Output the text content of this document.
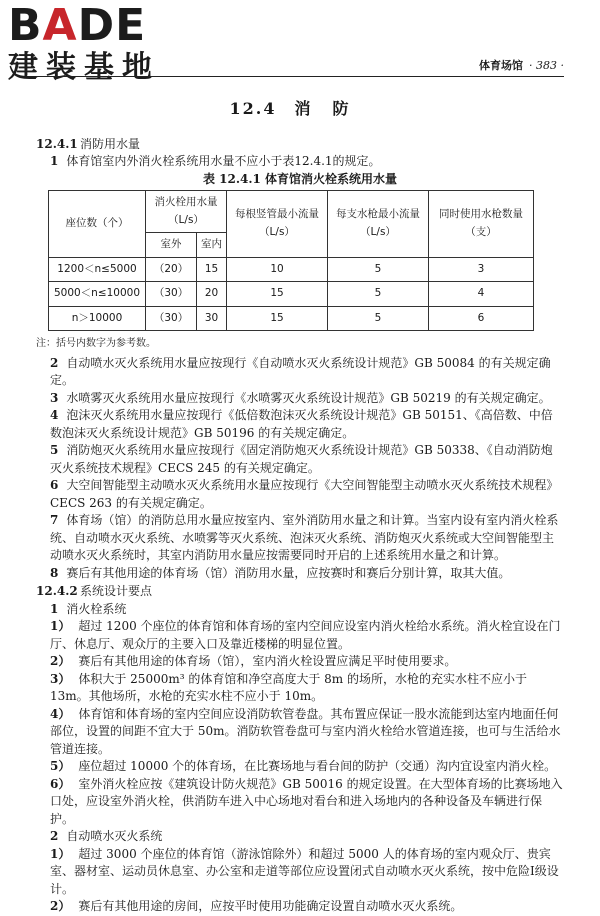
BADE
建装基地	体育场馆 · 383 ·
12.4 消防
12.4.1 消防用水量
1 体育馆室内外消火栓系统用水量不应小于表12.4.1的规定。
表 12.4.1 体育馆消火栓系统用水量
座位数（个）	消火栓用水量（L/s）		每根竖管最小流量（L/s）	每支水枪最小流量（L/s）	同时使用水枪数量（支）
	室外	室内			
1200＜n≤5000	（20）	15	10	5	3
5000＜n≤10000	（30）	20	15	5	4
n＞10000	（30）	30	15	5	6
注：括号内数字为参考数。
2 自动喷水灭火系统用水量应按现行《自动喷水灭火系统设计规范》GB 50084 的有关规定确定。
3 水喷雾灭火系统用水量应按现行《水喷雾灭火系统设计规范》GB 50219 的有关规定确定。
4 泡沫灭火系统用水量应按现行《低倍数泡沫灭火系统设计规范》GB 50151、《高倍数、中倍数泡沫灭火系统设计规范》GB 50196 的有关规定确定。
5 消防炮灭火系统用水量应按现行《固定消防炮灭火系统设计规范》GB 50338、《自动消防炮灭火系统技术规程》CECS 245 的有关规定确定。
6 大空间智能型主动喷水灭火系统用水量应按现行《大空间智能型主动喷水灭火系统技术规程》CECS 263 的有关规定确定。
7 体育场（馆）的消防总用水量应按室内、室外消防用水量之和计算。当室内设有室内消火栓系统、自动喷水灭火系统、水喷雾等灭火系统、泡沫灭火系统、消防炮灭火系统或大空间智能型主动喷水灭火系统时，其室内消防用水量应按需要同时开启的上述系统用水量之和计算。
8 赛后有其他用途的体育场（馆）消防用水量，应按赛时和赛后分别计算，取其大值。
12.4.2 系统设计要点
1 消火栓系统
1） 超过 1200 个座位的体育馆和体育场的室内空间应设室内消火栓给水系统。消火栓宜设在门厅、休息厅、观众厅的主要入口及靠近楼梯的明显位置。
2） 赛后有其他用途的体育场（馆），室内消火栓设置应满足平时使用要求。
3） 体积大于 25000m³ 的体育馆和净空高度大于 8m 的场所，水枪的充实水柱不应小于 13m。其他场所，水枪的充实水柱不应小于 10m。
4） 体育馆和体育场的室内空间应设消防软管卷盘。其布置应保证一股水流能到达室内地面任何部位，设置的间距不宜大于 50m。消防软管卷盘可与室内消火栓给水管道连接，也可与生活给水管道连接。
5） 座位超过 10000 个的体育场，在比赛场地与看台间的防护（交通）沟内宜设室内消火栓。
6） 室外消火栓应按《建筑设计防火规范》GB 50016 的规定设置。在大型体育场的比赛场地入口处，应设室外消火栓，供消防车进入中心场地对看台和进入场地内的各种设备及车辆进行保护。
2 自动喷水灭火系统
1） 超过 3000 个座位的体育馆（游泳馆除外）和超过 5000 人的体育场的室内观众厅、贵宾室、器材室、运动员休息室、办公室和走道等部位应设置闭式自动喷水灭火系统，按中危险Ⅰ级设计。
2） 赛后有其他用途的房间，应按平时使用功能确定设置自动喷水灭火系统。
